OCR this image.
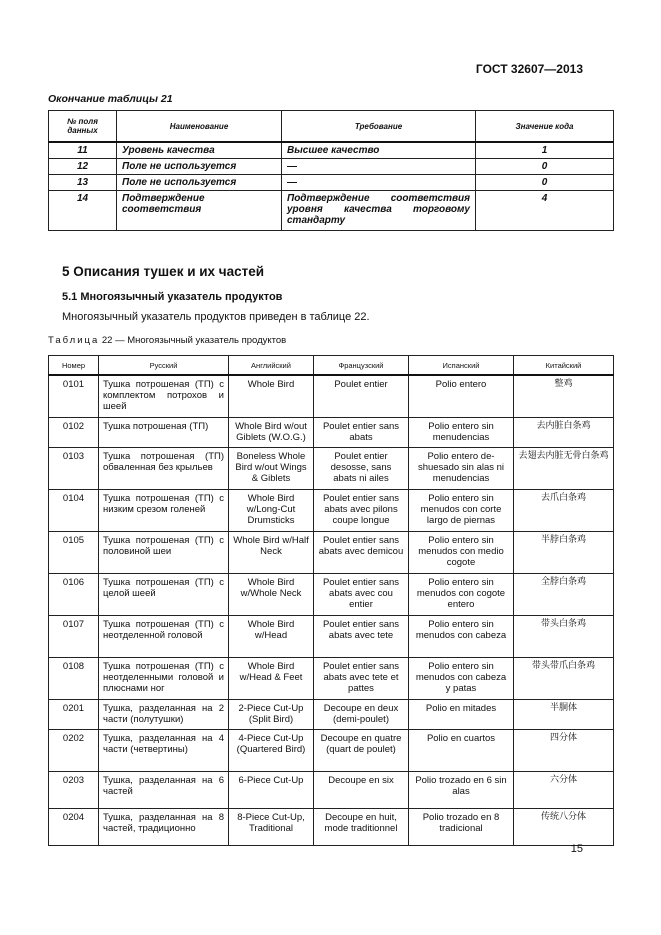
ГОСТ 32607—2013
Окончание таблицы 21
№ поля данных	Наименование	Требование	Значение кода
11	Уровень качества	Высшее качество	1
12	Поле не используется	—	0
13	Поле не используется	—	0
14	Подтверждение соответствия	Подтверждение соответствия уровня качества торговому стандарту	4
5 Описания тушек и их частей
5.1 Многоязычный указатель продуктов
Многоязычный указатель продуктов приведен в таблице 22.
Таблица 22 — Многоязычный указатель продуктов
Номер	Русский	Английский	Французский	Испанский	Китайский
0101	Тушка потрошеная (ТП) с комплектом потрохов и шеей	Whole Bird	Poulet entier	Polio entero	整鸡
0102	Тушка потрошеная (ТП)	Whole Bird w/out Giblets (W.O.G.)	Poulet entier sans abats	Polio entero sin menudencias	去内脏白条鸡
0103	Тушка потрошеная (ТП) обваленная без крыльев	Boneless Whole Bird w/out Wings & Giblets	Poulet entier desosse, sans abats ni ailes	Polio entero deshuesado sin alas ni menudencias	去翅去内脏无骨白条鸡
0104	Тушка потрошеная (ТП) с низким срезом голеней	Whole Bird w/Long-Cut Drumsticks	Poulet entier sans abats avec pilons coupe longue	Polio entero sin menudos con corte largo de piernas	去爪白条鸡
0105	Тушка потрошеная (ТП) с половиной шеи	Whole Bird w/Half Neck	Poulet entier sans abats avec demicou	Polio entero sin menudos con medio cogote	半脖白条鸡
0106	Тушка потрошеная (ТП) с целой шеей	Whole Bird w/Whole Neck	Poulet entier sans abats avec cou entier	Polio entero sin menudos con cogote entero	全脖白条鸡
0107	Тушка потрошеная (ТП) с неотделенной головой	Whole Bird w/Head	Poulet entier sans abats avec tete	Polio entero sin menudos con cabeza	带头白条鸡
0108	Тушка потрошеная (ТП) с неотделенными головой и плюснами ног	Whole Bird w/Head & Feet	Poulet entier sans abats avec tete et pattes	Polio entero sin menudos con cabeza y patas	带头带爪白条鸡
0201	Тушка, разделанная на 2 части (полутушки)	2-Piece Cut-Up (Split Bird)	Decoupe en deux (demi-poulet)	Polio en mitades	半胴体
0202	Тушка, разделанная на 4 части (четвертины)	4-Piece Cut-Up (Quartered Bird)	Decoupe en quatre (quart de poulet)	Polio en cuartos	四分体
0203	Тушка, разделанная на 6 частей	6-Piece Cut-Up	Decoupe en six	Polio trozado en 6 sin alas	六分体
0204	Тушка, разделанная на 8 частей, традиционно	8-Piece Cut-Up, Traditional	Decoupe en huit, mode traditionnel	Polio trozado en 8 tradicional	传统八分体
15
